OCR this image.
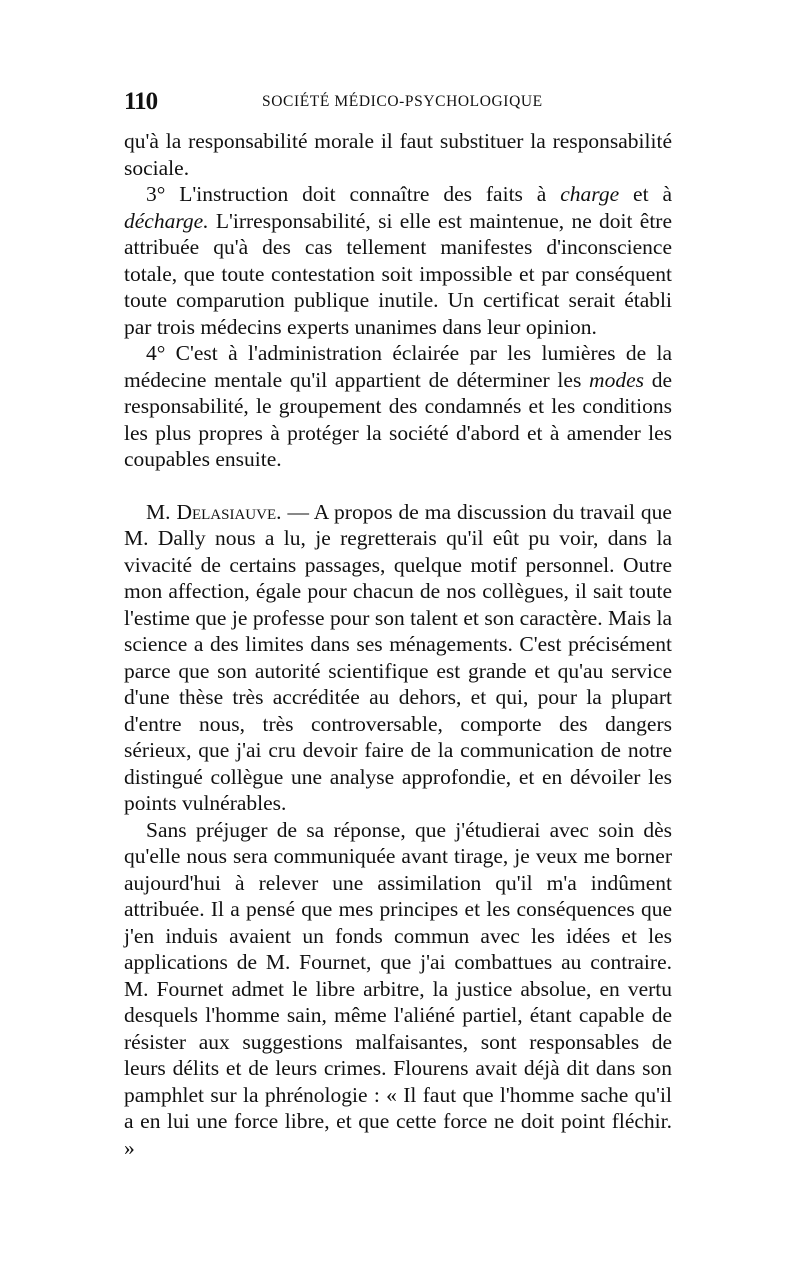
110	SOCIÉTÉ MÉDICO-PSYCHOLOGIQUE

qu'à la responsabilité morale il faut substituer la responsabilité sociale.

3° L'instruction doit connaître des faits à charge et à décharge. L'irresponsabilité, si elle est maintenue, ne doit être attribuée qu'à des cas tellement manifestes d'inconscience totale, que toute contestation soit impossible et par conséquent toute comparution publique inutile. Un certificat serait établi par trois médecins experts unanimes dans leur opinion.

4° C'est à l'administration éclairée par les lumières de la médecine mentale qu'il appartient de déterminer les modes de responsabilité, le groupement des condamnés et les conditions les plus propres à protéger la société d'abord et à amender les coupables ensuite.

M. Delasiauve. — A propos de ma discussion du travail que M. Dally nous a lu, je regretterais qu'il eût pu voir, dans la vivacité de certains passages, quelque motif personnel. Outre mon affection, égale pour chacun de nos collègues, il sait toute l'estime que je professe pour son talent et son caractère. Mais la science a des limites dans ses ménagements. C'est précisément parce que son autorité scientifique est grande et qu'au service d'une thèse très accréditée au dehors, et qui, pour la plupart d'entre nous, très controversable, comporte des dangers sérieux, que j'ai cru devoir faire de la communication de notre distingué collègue une analyse approfondie, et en dévoiler les points vulnérables.

Sans préjuger de sa réponse, que j'étudierai avec soin dès qu'elle nous sera communiquée avant tirage, je veux me borner aujourd'hui à relever une assimilation qu'il m'a indûment attribuée. Il a pensé que mes principes et les conséquences que j'en induis avaient un fonds commun avec les idées et les applications de M. Fournet, que j'ai combattues au contraire. M. Fournet admet le libre arbitre, la justice absolue, en vertu desquels l'homme sain, même l'aliéné partiel, étant capable de résister aux suggestions malfaisantes, sont responsables de leurs délits et de leurs crimes. Flourens avait déjà dit dans son pamphlet sur la phrénologie : « Il faut que l'homme sache qu'il a en lui une force libre, et que cette force ne doit point fléchir. »
